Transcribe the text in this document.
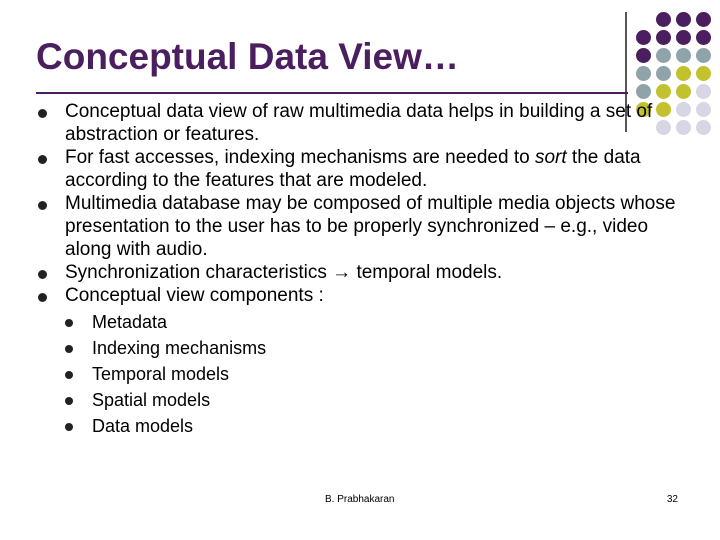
Conceptual Data View…
Conceptual data view of raw multimedia data helps in building a set of abstraction or features.
For fast accesses, indexing mechanisms are needed to sort the data according to the features that are modeled.
Multimedia database may be composed of multiple media objects whose presentation to the user has to be properly synchronized – e.g., video along with audio.
Synchronization characteristics → temporal models.
Conceptual view components :
Metadata
Indexing mechanisms
Temporal models
Spatial models
Data models
B. Prabhakaran	32
